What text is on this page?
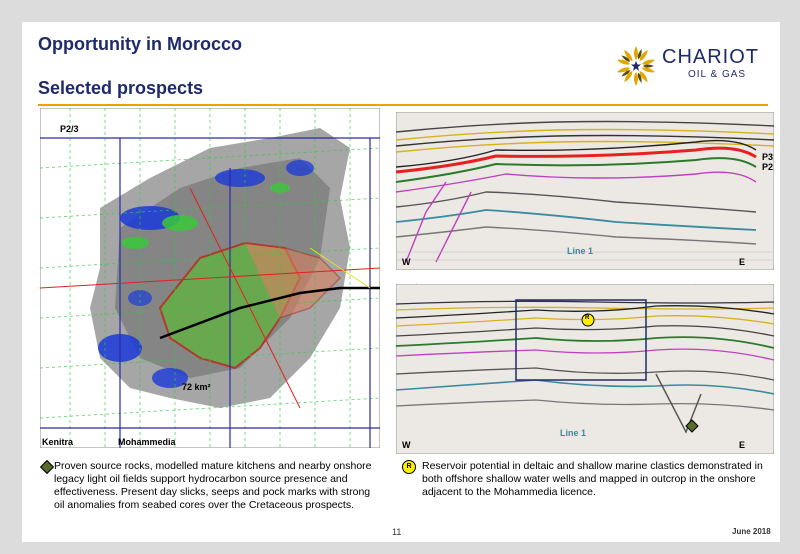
Opportunity in Morocco
Selected prospects
CHARIOT
OIL & GAS
P2/3
72 km²
Kenitra	Mohammedia
P3
P2
Line 1
W	E
R
Line 1
W	E
Proven source rocks, modelled mature kitchens and nearby onshore legacy light oil fields support hydrocarbon source presence and effectiveness. Present day slicks, seeps and pock marks with strong oil anomalies from seabed cores over the Cretaceous prospects.
R Reservoir potential in deltaic and shallow marine clastics demonstrated in both offshore shallow water wells and mapped in outcrop in the onshore adjacent to the Mohammedia licence.
11	June 2018
